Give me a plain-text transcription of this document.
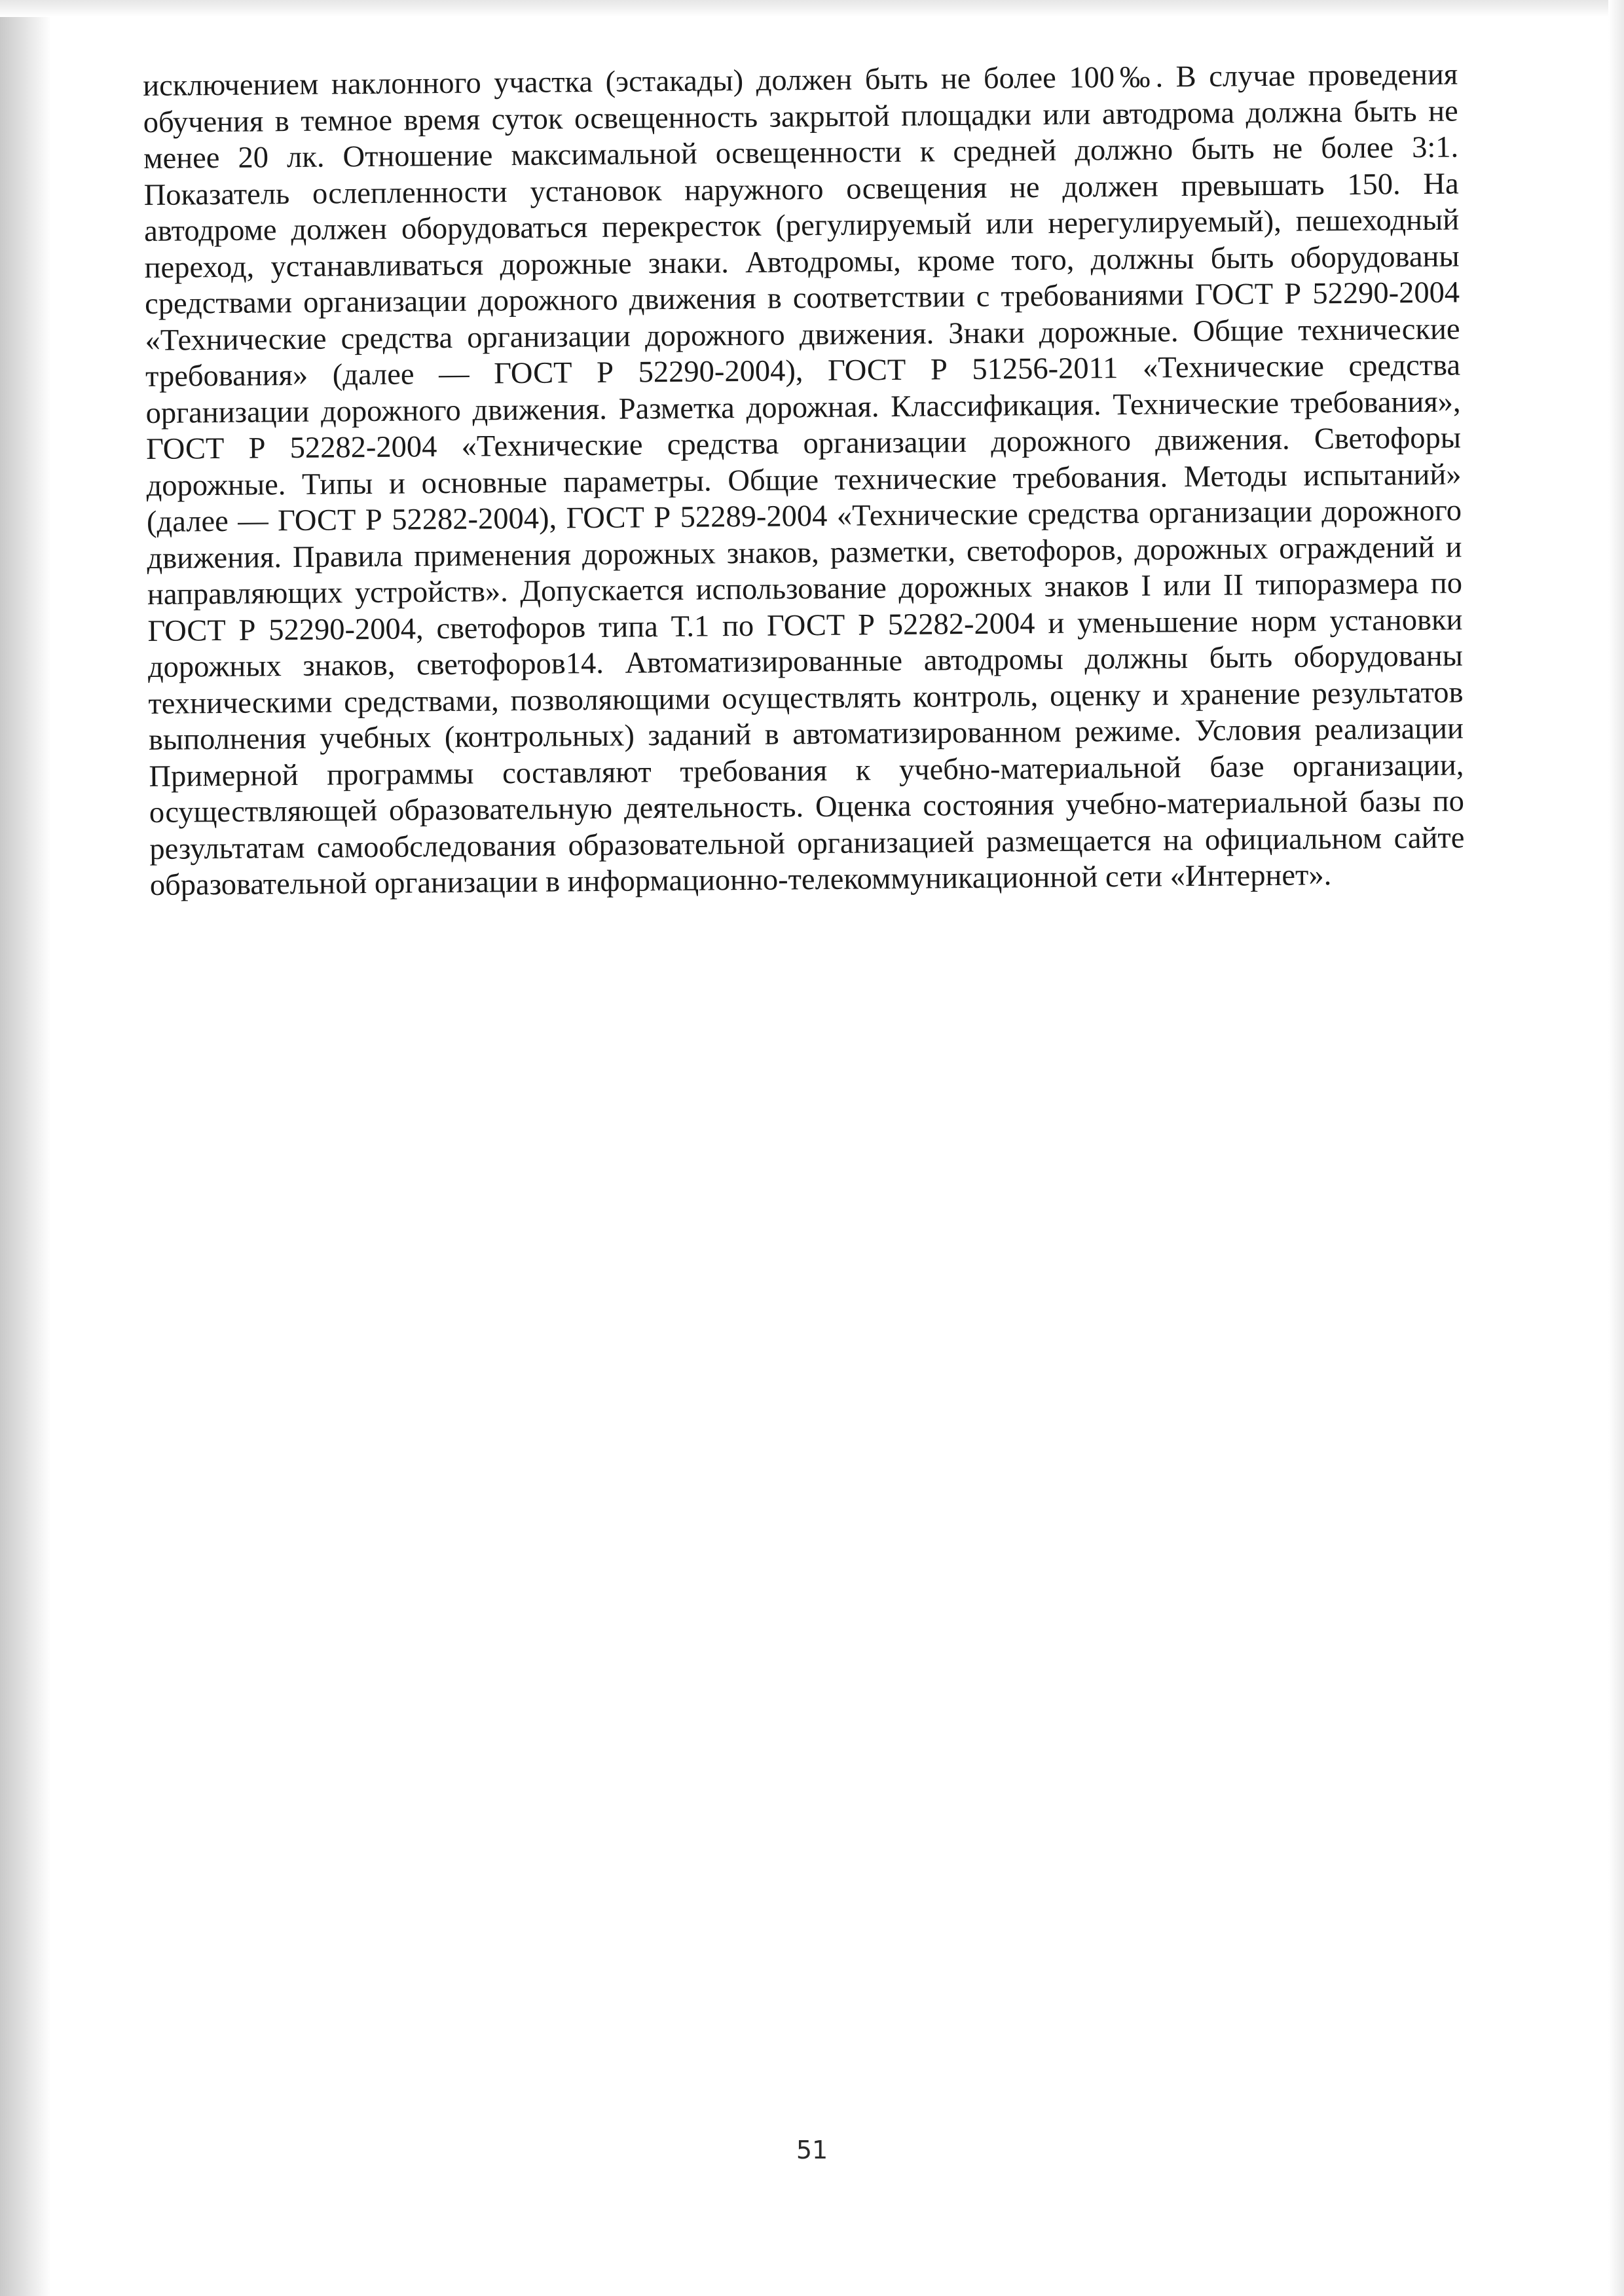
исключением наклонного участка (эстакады) должен быть не более 100‰. В случае проведения обучения в темное время суток освещенность закрытой площадки или автодрома должна быть не менее 20 лк. Отношение максимальной освещенности к средней должно быть не более 3:1. Показатель ослепленности установок наружного освещения не должен превышать 150. На автодроме должен оборудоваться перекресток (регулируемый или нерегулируемый), пешеходный переход, устанавливаться дорожные знаки. Автодромы, кроме того, должны быть оборудованы средствами организации дорожного движения в соответствии с требованиями ГОСТ Р 52290-2004 «Технические средства организации дорожного движения. Знаки дорожные. Общие технические требования» (далее — ГОСТ Р 52290-2004), ГОСТ Р 51256-2011 «Технические средства организации дорожного движения. Разметка дорожная. Классификация. Технические требования», ГОСТ Р 52282-2004 «Технические средства организации дорожного движения. Светофоры дорожные. Типы и основные параметры. Общие технические требования. Методы испытаний» (далее — ГОСТ Р 52282-2004), ГОСТ Р 52289-2004 «Технические средства организации дорожного движения. Правила применения дорожных знаков, разметки, светофоров, дорожных ограждений и направляющих устройств». Допускается использование дорожных знаков I или II типоразмера по ГОСТ Р 52290-2004, светофоров типа Т.1 по ГОСТ Р 52282-2004 и уменьшение норм установки дорожных знаков, светофоров14. Автоматизированные автодромы должны быть оборудованы техническими средствами, позволяющими осуществлять контроль, оценку и хранение результатов выполнения учебных (контрольных) заданий в автоматизированном режиме. Условия реализации Примерной программы составляют требования к учебно-материальной базе организации, осуществляющей образовательную деятельность. Оценка состояния учебно-материальной базы по результатам самообследования образовательной организацией размещается на официальном сайте образовательной организации в информационно-телекоммуникационной сети «Интернет».

51
